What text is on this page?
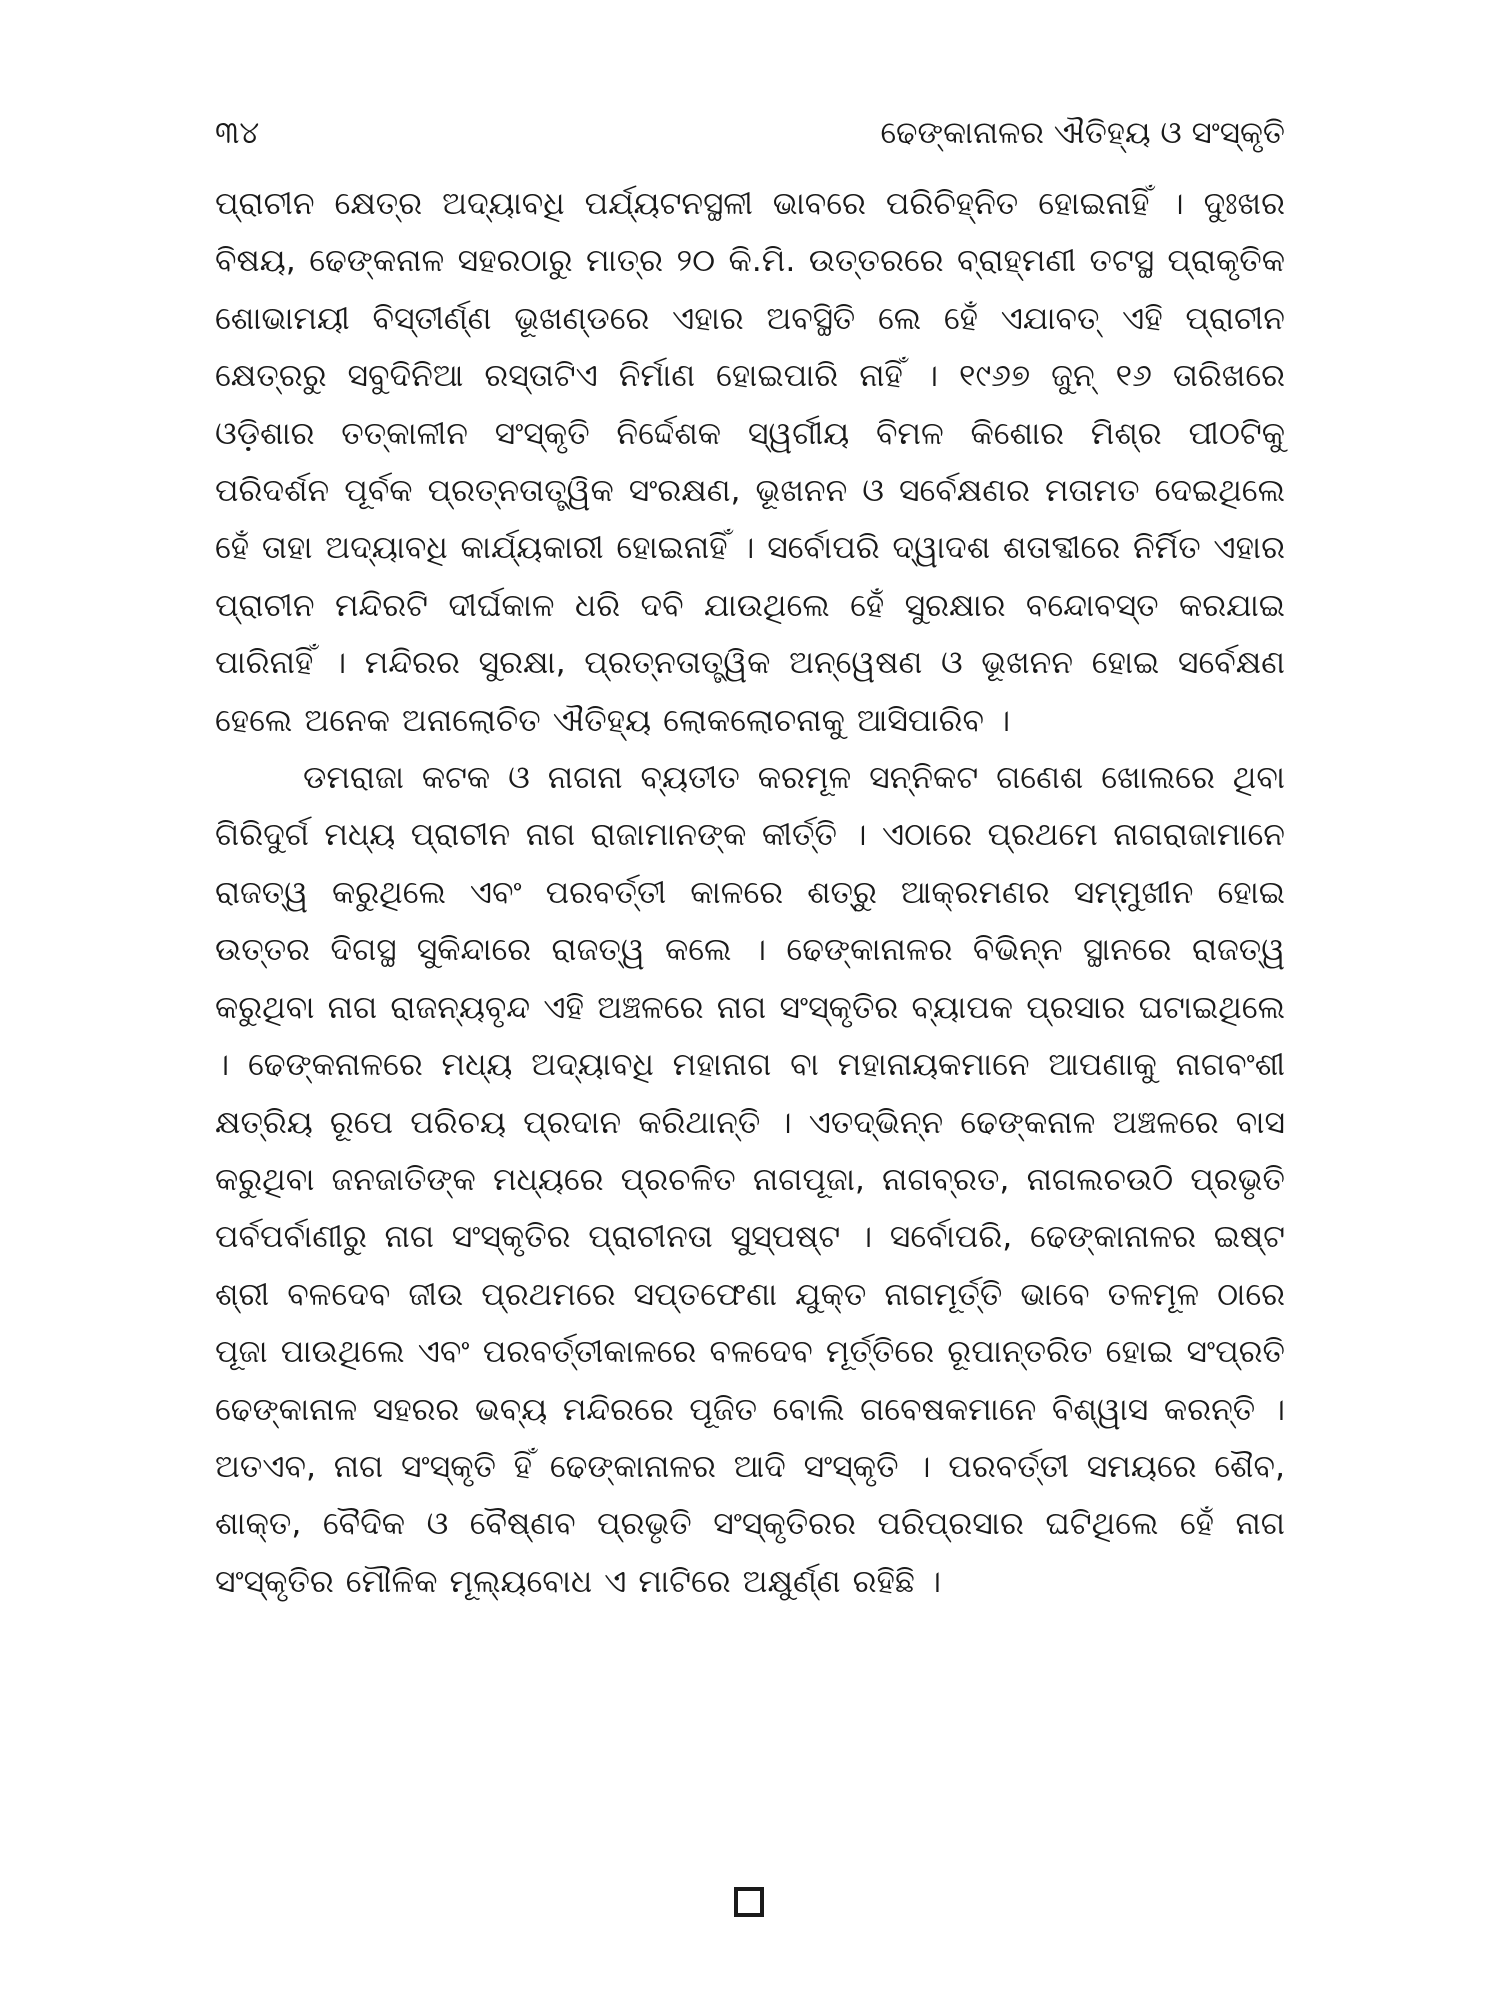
୩୪	ଢେଙ୍କାନାଳର ଐତିହ୍ୟ ଓ ସଂସ୍କୃତି

ପ୍ରାଚୀନ କ୍ଷେତ୍ର ଅଦ୍ୟାବଧି ପର୍ଯ୍ୟଟନସ୍ଥଳୀ ଭାବରେ ପରିଚିହ୍ନିତ ହୋଇନାହିଁ । ଦୁଃଖର ବିଷୟ, ଢେଙ୍କନାଳ ସହରଠାରୁ ମାତ୍ର ୨୦ କି.ମି. ଉତ୍ତରରେ ବ୍ରାହ୍ମଣୀ ତଟସ୍ଥ ପ୍ରାକୃତିକ ଶୋଭାମୟୀ ବିସ୍ତୀର୍ଣ୍ଣ ଭୂଖଣ୍ଡରେ ଏହାର ଅବସ୍ଥିତି ଲେ ହେଁ ଏଯାବତ୍ ଏହି ପ୍ରାଚୀନ କ୍ଷେତ୍ରରୁ ସବୁଦିନିଆ ରସ୍ତାଟିଏ ନିର୍ମାଣ ହୋଇପାରି ନାହିଁ । ୧୯୬୭ ଜୁନ୍ ୧୬ ତାରିଖରେ ଓଡ଼ିଶାର ତତ୍କାଳୀନ ସଂସ୍କୃତି ନିର୍ଦ୍ଦେଶକ ସ୍ୱର୍ଗୀୟ ବିମଳ କିଶୋର ମିଶ୍ର ପୀଠଟିକୁ ପରିଦର୍ଶନ ପୂର୍ବକ ପ୍ରତ୍ନତାତ୍ତ୍ୱିକ ସଂରକ୍ଷଣ, ଭୂଖନନ ଓ ସର୍ବେକ୍ଷଣର ମତାମତ ଦେଇଥିଲେ ହେଁ ତାହା ଅଦ୍ୟାବଧି କାର୍ଯ୍ୟକାରୀ ହୋଇନାହିଁ । ସର୍ବୋପରି ଦ୍ୱାଦଶ ଶତାବ୍ଦୀରେ ନିର୍ମିତ ଏହାର ପ୍ରାଚୀନ ମନ୍ଦିରଟି ଦୀର୍ଘକାଳ ଧରି ଦବି ଯାଉଥିଲେ ହେଁ ସୁରକ୍ଷାର ବନ୍ଦୋବସ୍ତ କରଯାଇ ପାରିନାହିଁ । ମନ୍ଦିରର ସୁରକ୍ଷା, ପ୍ରତ୍ନତାତ୍ତ୍ୱିକ ଅନ୍ୱେଷଣ ଓ ଭୂଖନନ ହୋଇ ସର୍ବେକ୍ଷଣ ହେଲେ ଅନେକ ଅନାଲୋଚିତ ଐତିହ୍ୟ ଲୋକଲୋଚନାକୁ ଆସିପାରିବ ।

ଡମରାଜା କଟକ ଓ ନାଗନା ବ୍ୟତୀତ କରମୂଳ ସନ୍ନିକଟ ଗଣେଶ ଖୋଲରେ ଥିବା ଗିରିଦୁର୍ଗ ମଧ୍ୟ ପ୍ରାଚୀନ ନାଗ ରାଜାମାନଙ୍କ କୀର୍ତ୍ତି । ଏଠାରେ ପ୍ରଥମେ ନାଗରାଜାମାନେ ରାଜତ୍ୱ କରୁଥିଲେ ଏବଂ ପରବର୍ତ୍ତୀ କାଳରେ ଶତ୍ରୁ ଆକ୍ରମଣର ସମ୍ମୁଖୀନ ହୋଇ ଉତ୍ତର ଦିଗସ୍ଥ ସୁକିନ୍ଦାରେ ରାଜତ୍ୱ କଲେ । ଢେଙ୍କାନାଳର ବିଭିନ୍ନ ସ୍ଥାନରେ ରାଜତ୍ୱ କରୁଥିବା ନାଗ ରାଜନ୍ୟବୃନ୍ଦ ଏହି ଅଞ୍ଚଳରେ ନାଗ ସଂସ୍କୃତିର ବ୍ୟାପକ ପ୍ରସାର ଘଟାଇଥିଲେ । ଢେଙ୍କନାଳରେ ମଧ୍ୟ ଅଦ୍ୟାବଧି ମହାନାଗ ବା ମହାନାୟକମାନେ ଆପଣାକୁ ନାଗବଂଶୀ କ୍ଷତ୍ରିୟ ରୂପେ ପରିଚୟ ପ୍ରଦାନ କରିଥାନ୍ତି । ଏତଦ୍‌ଭିନ୍ନ ଢେଙ୍କନାଳ ଅଞ୍ଚଳରେ ବାସ କରୁଥିବା ଜନଜାତିଙ୍କ ମଧ୍ୟରେ ପ୍ରଚଳିତ ନାଗପୂଜା, ନାଗବ୍ରତ, ନାଗଲଚଉଠି ପ୍ରଭୃତି ପର୍ବପର୍ବାଣୀରୁ ନାଗ ସଂସ୍କୃତିର ପ୍ରାଚୀନତା ସୁସ୍ପଷ୍ଟ । ସର୍ବୋପରି, ଢେଙ୍କାନାଳର ଇଷ୍ଟ ଶ୍ରୀ ବଳଦେବ ଜୀଉ ପ୍ରଥମରେ ସପ୍ତଫେଣା ଯୁକ୍ତ ନାଗମୂର୍ତ୍ତି ଭାବେ ତଳମୂଳ ଠାରେ ପୂଜା ପାଉଥିଲେ ଏବଂ ପରବର୍ତ୍ତୀକାଳରେ ବଳଦେବ ମୂର୍ତ୍ତିରେ ରୂପାନ୍ତରିତ ହୋଇ ସଂପ୍ରତି ଢେଙ୍କାନାଳ ସହରର ଭବ୍ୟ ମନ୍ଦିରରେ ପୂଜିତ ବୋଲି ଗବେଷକମାନେ ବିଶ୍ୱାସ କରନ୍ତି । ଅତଏବ, ନାଗ ସଂସ୍କୃତି ହିଁ ଢେଙ୍କାନାଳର ଆଦି ସଂସ୍କୃତି । ପରବର୍ତ୍ତୀ ସମୟରେ ଶୈବ, ଶାକ୍ତ, ବୈଦିକ ଓ ବୈଷ୍ଣବ ପ୍ରଭୃତି ସଂସ୍କୃତିରର ପରିପ୍ରସାର ଘଟିଥିଲେ ହେଁ ନାଗ ସଂସ୍କୃତିର ମୌଳିକ ମୂଲ୍ୟବୋଧ ଏ ମାଟିରେ ଅକ୍ଷୁର୍ଣ୍ଣ ରହିଛି ।
